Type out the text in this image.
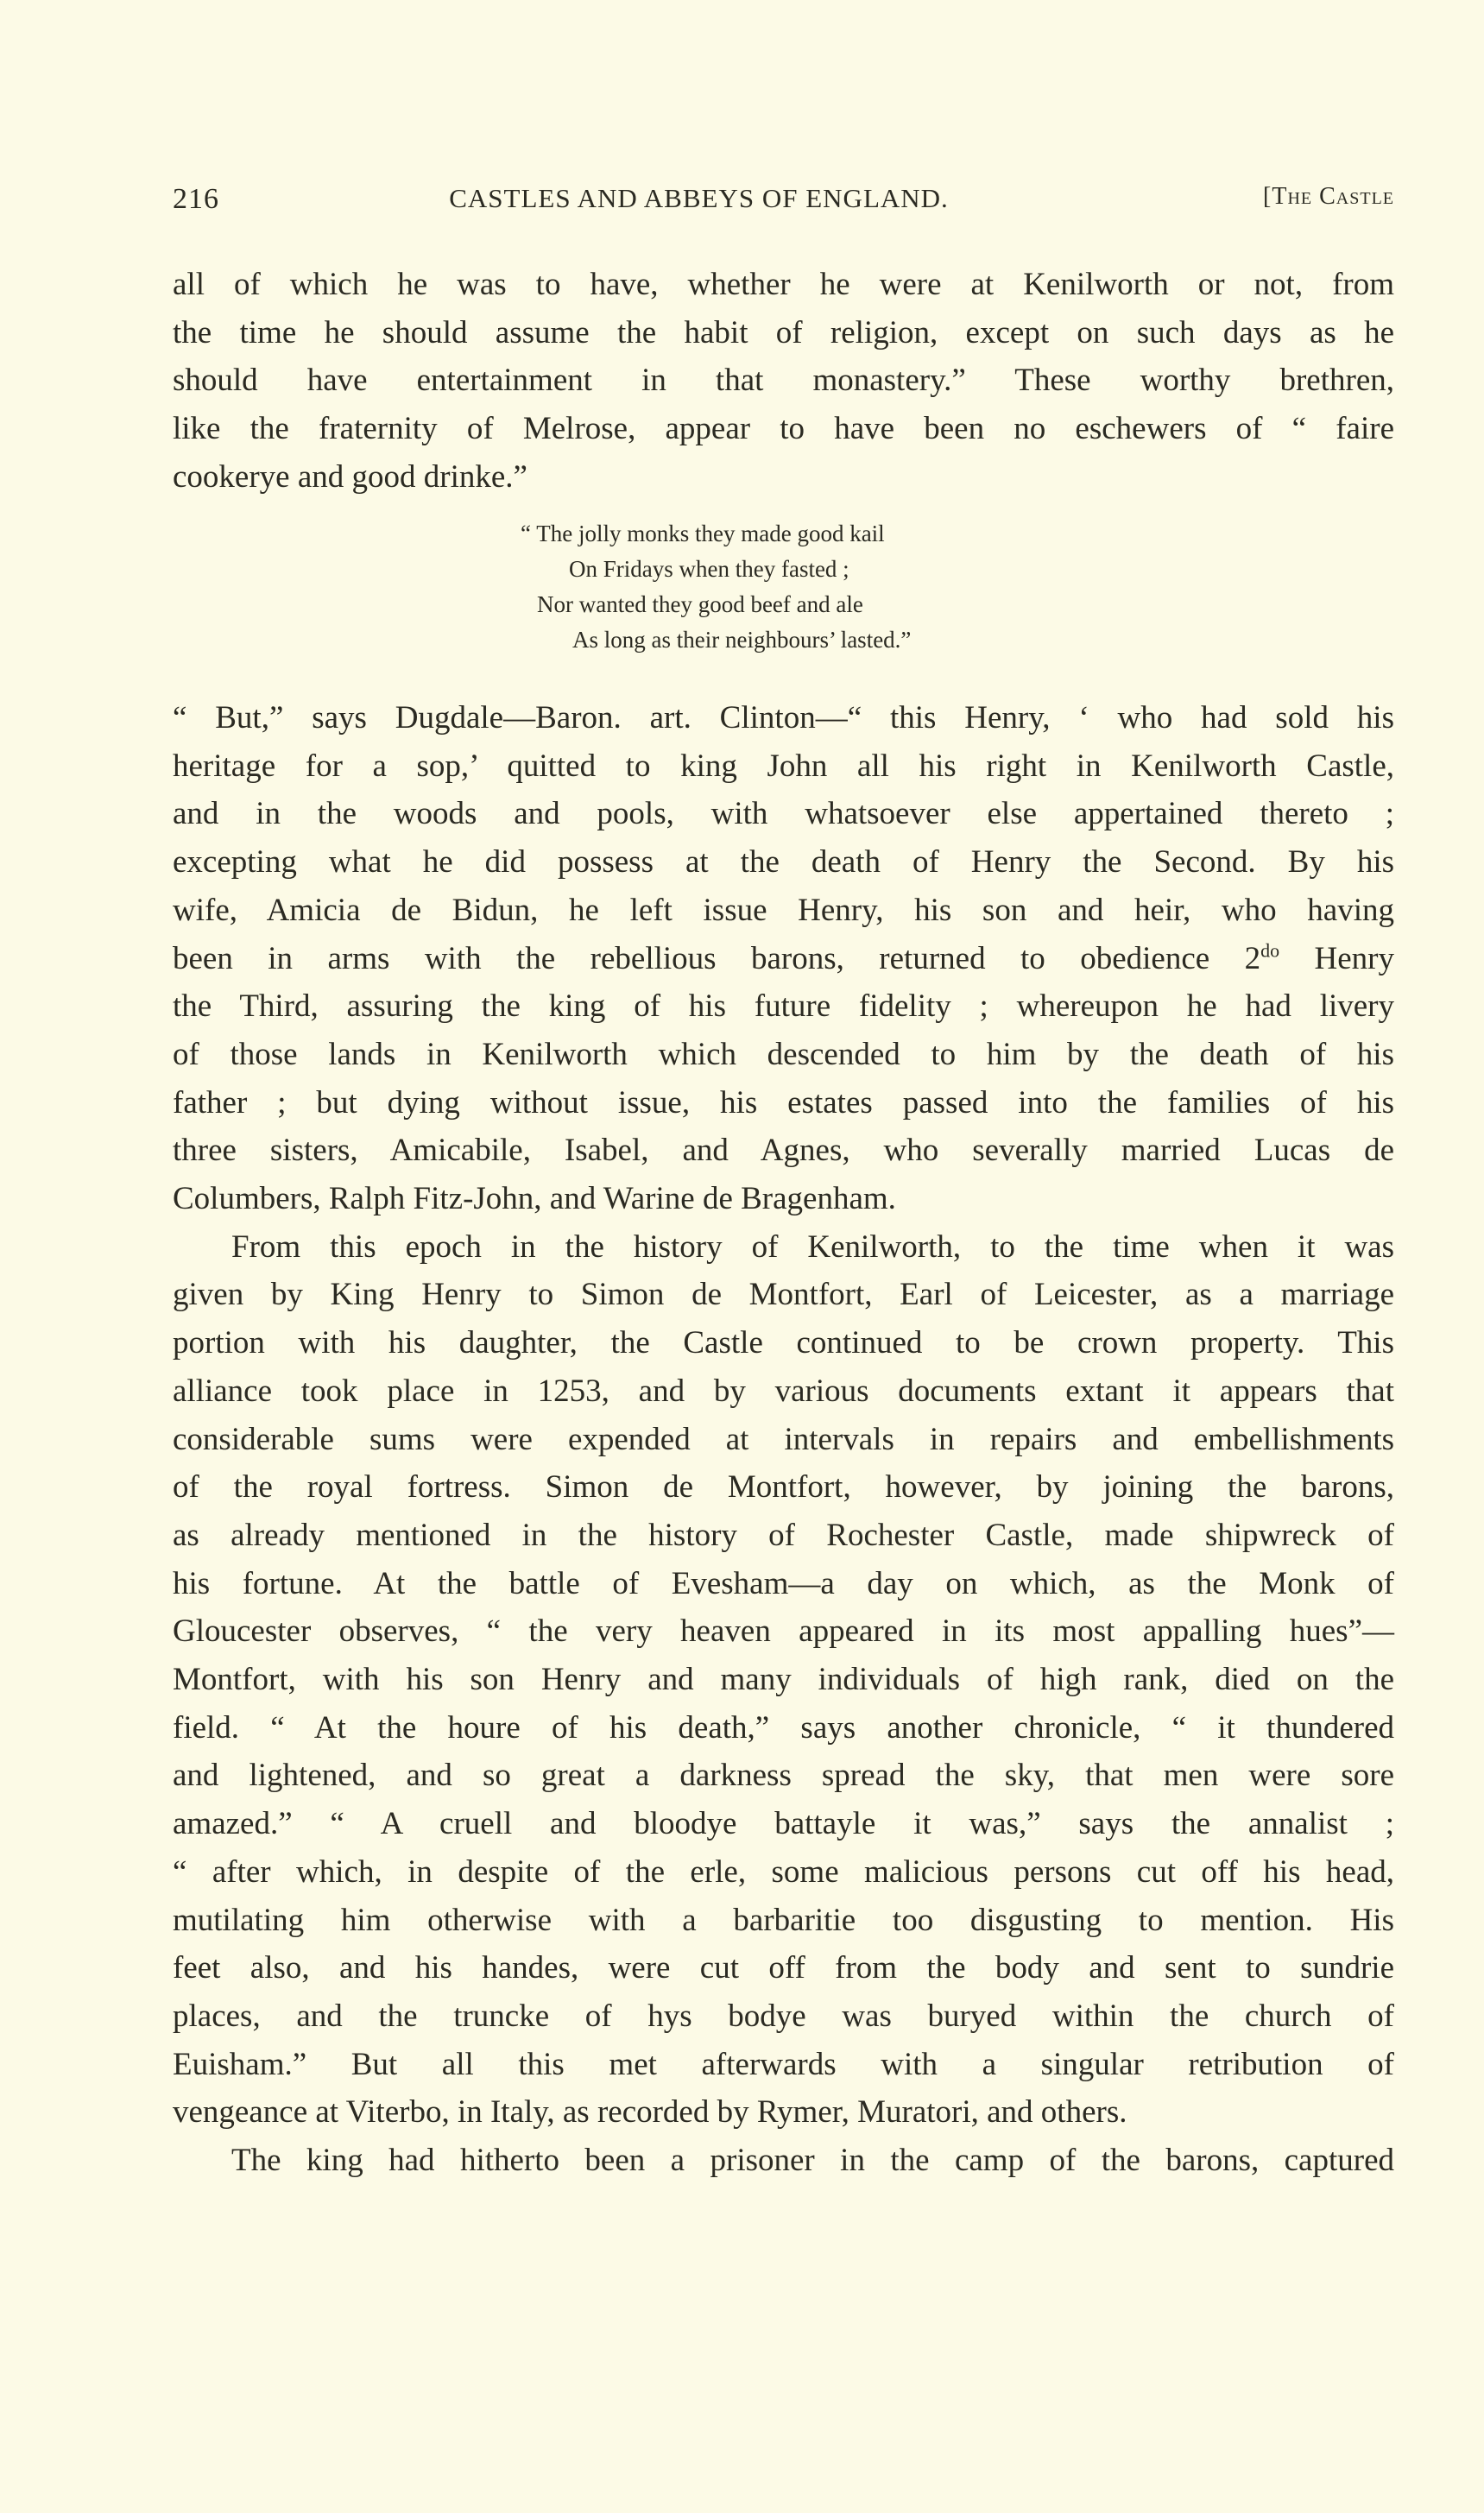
216	CASTLES AND ABBEYS OF ENGLAND.	[The Castle
all of which he was to have, whether he were at Kenilworth or not, from
the time he should assume the habit of religion, except on such days as he
should have entertainment in that monastery.” These worthy brethren,
like the fraternity of Melrose, appear to have been no eschewers of “ faire
cookerye and good drinke.”
“ The jolly monks they made good kail
On Fridays when they fasted ;
Nor wanted they good beef and ale
As long as their neighbours’ lasted.”
“ But,” says Dugdale—Baron. art. Clinton—“ this Henry, ‘ who had sold his
heritage for a sop,’ quitted to king John all his right in Kenilworth Castle,
and in the woods and pools, with whatsoever else appertained thereto ;
excepting what he did possess at the death of Henry the Second. By his
wife, Amicia de Bidun, he left issue Henry, his son and heir, who having
been in arms with the rebellious barons, returned to obedience $2^{do}$ Henry
the Third, assuring the king of his future fidelity ; whereupon he had livery
of those lands in Kenilworth which descended to him by the death of his
father ; but dying without issue, his estates passed into the families of his
three sisters, Amicabile, Isabel, and Agnes, who severally married Lucas de
Columbers, Ralph Fitz-John, and Warine de Bragenham.
From this epoch in the history of Kenilworth, to the time when it was
given by King Henry to Simon de Montfort, Earl of Leicester, as a marriage
portion with his daughter, the Castle continued to be crown property. This
alliance took place in 1253, and by various documents extant it appears that
considerable sums were expended at intervals in repairs and embellishments
of the royal fortress. Simon de Montfort, however, by joining the barons,
as already mentioned in the history of Rochester Castle, made shipwreck of
his fortune. At the battle of Evesham—a day on which, as the Monk of
Gloucester observes, “ the very heaven appeared in its most appalling hues”—
Montfort, with his son Henry and many individuals of high rank, died on the
field. “ At the houre of his death,” says another chronicle, “ it thundered
and lightened, and so great a darkness spread the sky, that men were sore
amazed.” “ A cruell and bloodye battayle it was,” says the annalist ;
“ after which, in despite of the erle, some malicious persons cut off his head,
mutilating him otherwise with a barbaritie too disgusting to mention. His
feet also, and his handes, were cut off from the body and sent to sundrie
places, and the truncke of hys bodye was buryed within the church of
Euisham.” But all this met afterwards with a singular retribution of
vengeance at Viterbo, in Italy, as recorded by Rymer, Muratori, and others.
The king had hitherto been a prisoner in the camp of the barons, captured
